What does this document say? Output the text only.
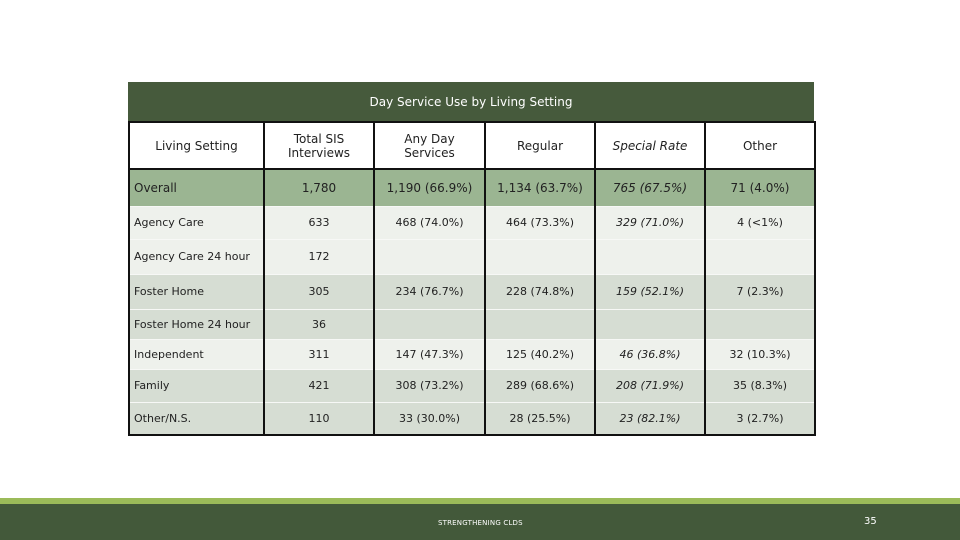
Day Service Use by Living Setting
Living Setting	Total SIS Interviews	Any Day Services	Regular	Special Rate	Other
Overall	1,780	1,190 (66.9%)	1,134 (63.7%)	765 (67.5%)	71 (4.0%)
Agency Care	633	468 (74.0%)	464 (73.3%)	329 (71.0%)	4 (<1%)
Agency Care 24 hour	172				
Foster Home	305	234 (76.7%)	228 (74.8%)	159 (52.1%)	7 (2.3%)
Foster Home 24 hour	36				
Independent	311	147 (47.3%)	125 (40.2%)	46 (36.8%)	32 (10.3%)
Family	421	308 (73.2%)	289 (68.6%)	208 (71.9%)	35 (8.3%)
Other/N.S.	110	33 (30.0%)	28 (25.5%)	23 (82.1%)	3 (2.7%)
STRENGTHENING CLDS	35
